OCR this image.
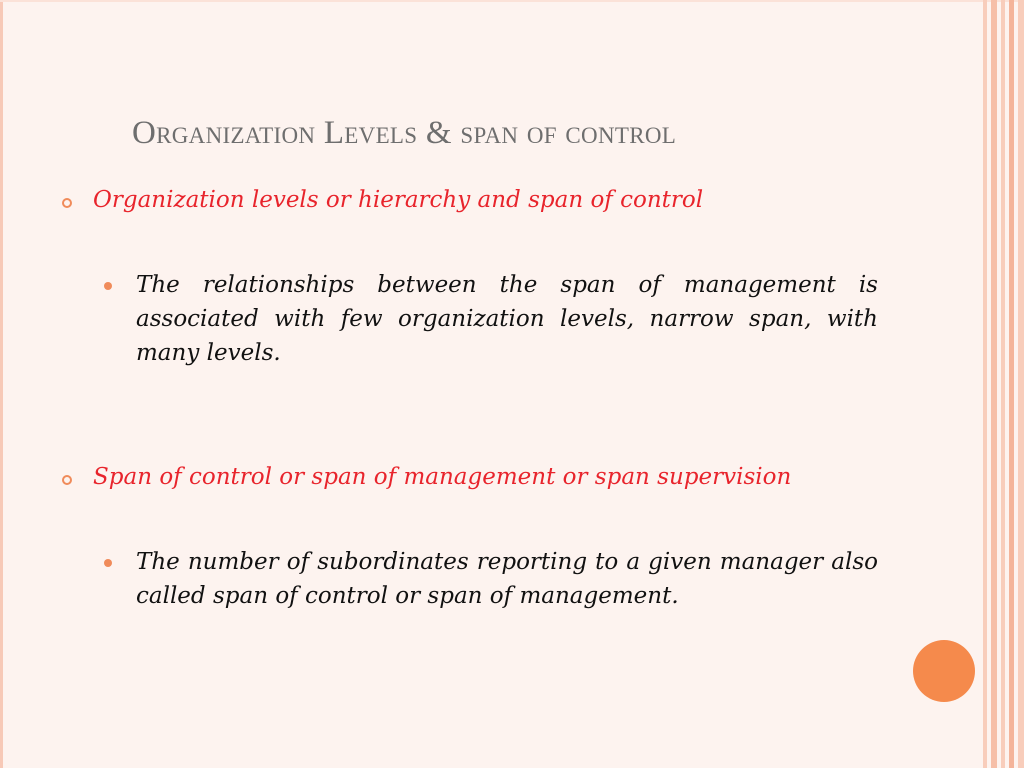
Organization Levels & span of control
Organization levels or hierarchy and span of control
The relationships between the span of management is associated with few organization levels, narrow span, with many levels.
Span of control or span of management or span supervision
The number of subordinates reporting to a given manager also called span of control or span of management.
